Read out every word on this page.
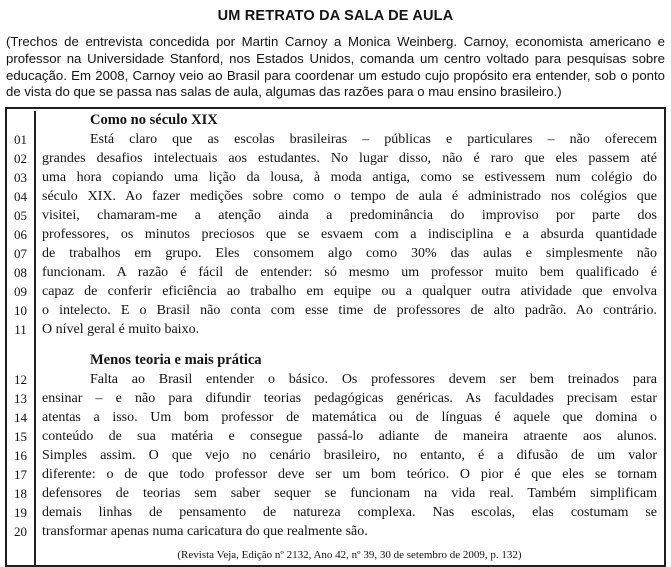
UM RETRATO DA SALA DE AULA
(Trechos de entrevista concedida por Martin Carnoy a Monica Weinberg. Carnoy, economista americano e professor na Universidade Stanford, nos Estados Unidos, comanda um centro voltado para pesquisas sobre educação. Em 2008, Carnoy veio ao Brasil para coordenar um estudo cujo propósito era entender, sob o ponto de vista do que se passa nas salas de aula, algumas das razões para o mau ensino brasileiro.)
Como no século XIX
01	Está claro que as escolas brasileiras – públicas e particulares – não oferecem
02	grandes desafios intelectuais aos estudantes. No lugar disso, não é raro que eles passem até
03	uma hora copiando uma lição da lousa, à moda antiga, como se estivessem num colégio do
04	século XIX. Ao fazer medições sobre como o tempo de aula é administrado nos colégios que
05	visitei, chamaram-me a atenção ainda a predominância do improviso por parte dos
06	professores, os minutos preciosos que se esvaem com a indisciplina e a absurda quantidade
07	de trabalhos em grupo. Eles consomem algo como 30% das aulas e simplesmente não
08	funcionam. A razão é fácil de entender: só mesmo um professor muito bem qualificado é
09	capaz de conferir eficiência ao trabalho em equipe ou a qualquer outra atividade que envolva
10	o intelecto. E o Brasil não conta com esse time de professores de alto padrão. Ao contrário.
11	O nível geral é muito baixo.
Menos teoria e mais prática
12	Falta ao Brasil entender o básico. Os professores devem ser bem treinados para
13	ensinar – e não para difundir teorias pedagógicas genéricas. As faculdades precisam estar
14	atentas a isso. Um bom professor de matemática ou de línguas é aquele que domina o
15	conteúdo de sua matéria e consegue passá-lo adiante de maneira atraente aos alunos.
16	Simples assim. O que vejo no cenário brasileiro, no entanto, é a difusão de um valor
17	diferente: o de que todo professor deve ser um bom teórico. O pior é que eles se tornam
18	defensores de teorias sem saber sequer se funcionam na vida real. Também simplificam
19	demais linhas de pensamento de natureza complexa. Nas escolas, elas costumam se
20	transformar apenas numa caricatura do que realmente são.
(Revista Veja, Edição nº 2132, Ano 42, nº 39, 30 de setembro de 2009, p. 132)
